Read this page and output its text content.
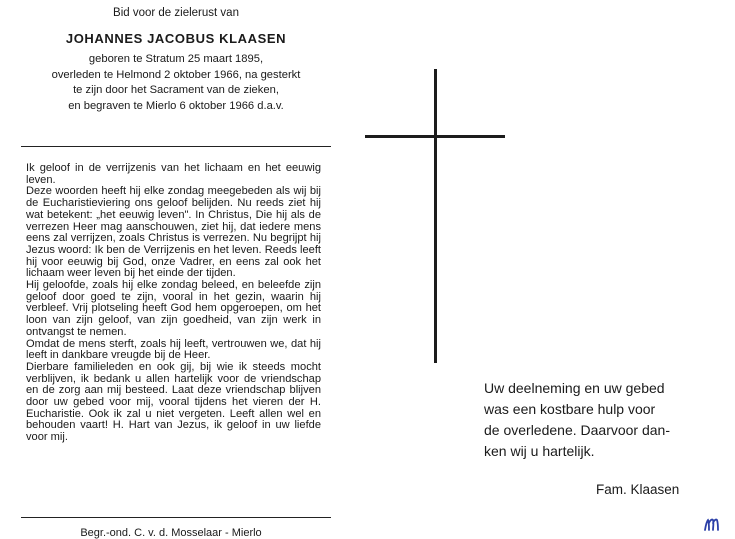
Bid voor de zielerust van

JOHANNES JACOBUS KLAASEN

geboren te Stratum 25 maart 1895,
overleden te Helmond 2 oktober 1966, na gesterkt
te zijn door het Sacrament van de zieken,
en begraven te Mierlo 6 oktober 1966 d.a.v.

Ik geloof in de verrijzenis van het lichaam en het eeuwig leven.

Deze woorden heeft hij elke zondag meegebeden als wij bij de Eucharistieviering ons geloof belijden. Nu reeds ziet hij wat betekent: „het eeuwig leven". In Christus, Die hij als de verrezen Heer mag aanschouwen, ziet hij, dat iedere mens eens zal verrijzen, zoals Christus is verrezen. Nu begrijpt hij Jezus woord: Ik ben de Verrijzenis en het leven. Reeds leeft hij voor eeuwig bij God, onze Vadrer, en eens zal ook het lichaam weer leven bij het einde der tijden.

Hij geloofde, zoals hij elke zondag beleed, en beleefde zijn geloof door goed te zijn, vooral in het gezin, waarin hij verbleef. Vrij plotseling heeft God hem opgeroepen, om het loon van zijn geloof, van zijn goedheid, van zijn werk in ontvangst te nemen.

Omdat de mens sterft, zoals hij leeft, vertrouwen we, dat hij leeft in dankbare vreugde bij de Heer.

Dierbare familieleden en ook gij, bij wie ik steeds mocht verblijven, ik bedank u allen hartelijk voor de vriendschap en de zorg aan mij besteed. Laat deze vriendschap blijven door uw gebed voor mij, vooral tijdens het vieren der H. Eucharistie. Ook ik zal u niet vergeten. Leeft allen wel en behouden vaart! H. Hart van Jezus, ik geloof in uw liefde voor mij.

Begr.-ond. C. v. d. Mosselaar - Mierlo

Uw deelneming en uw gebed
was een kostbare hulp voor
de overledene. Daarvoor dan-
ken wij u hartelijk.

Fam. Klaasen
